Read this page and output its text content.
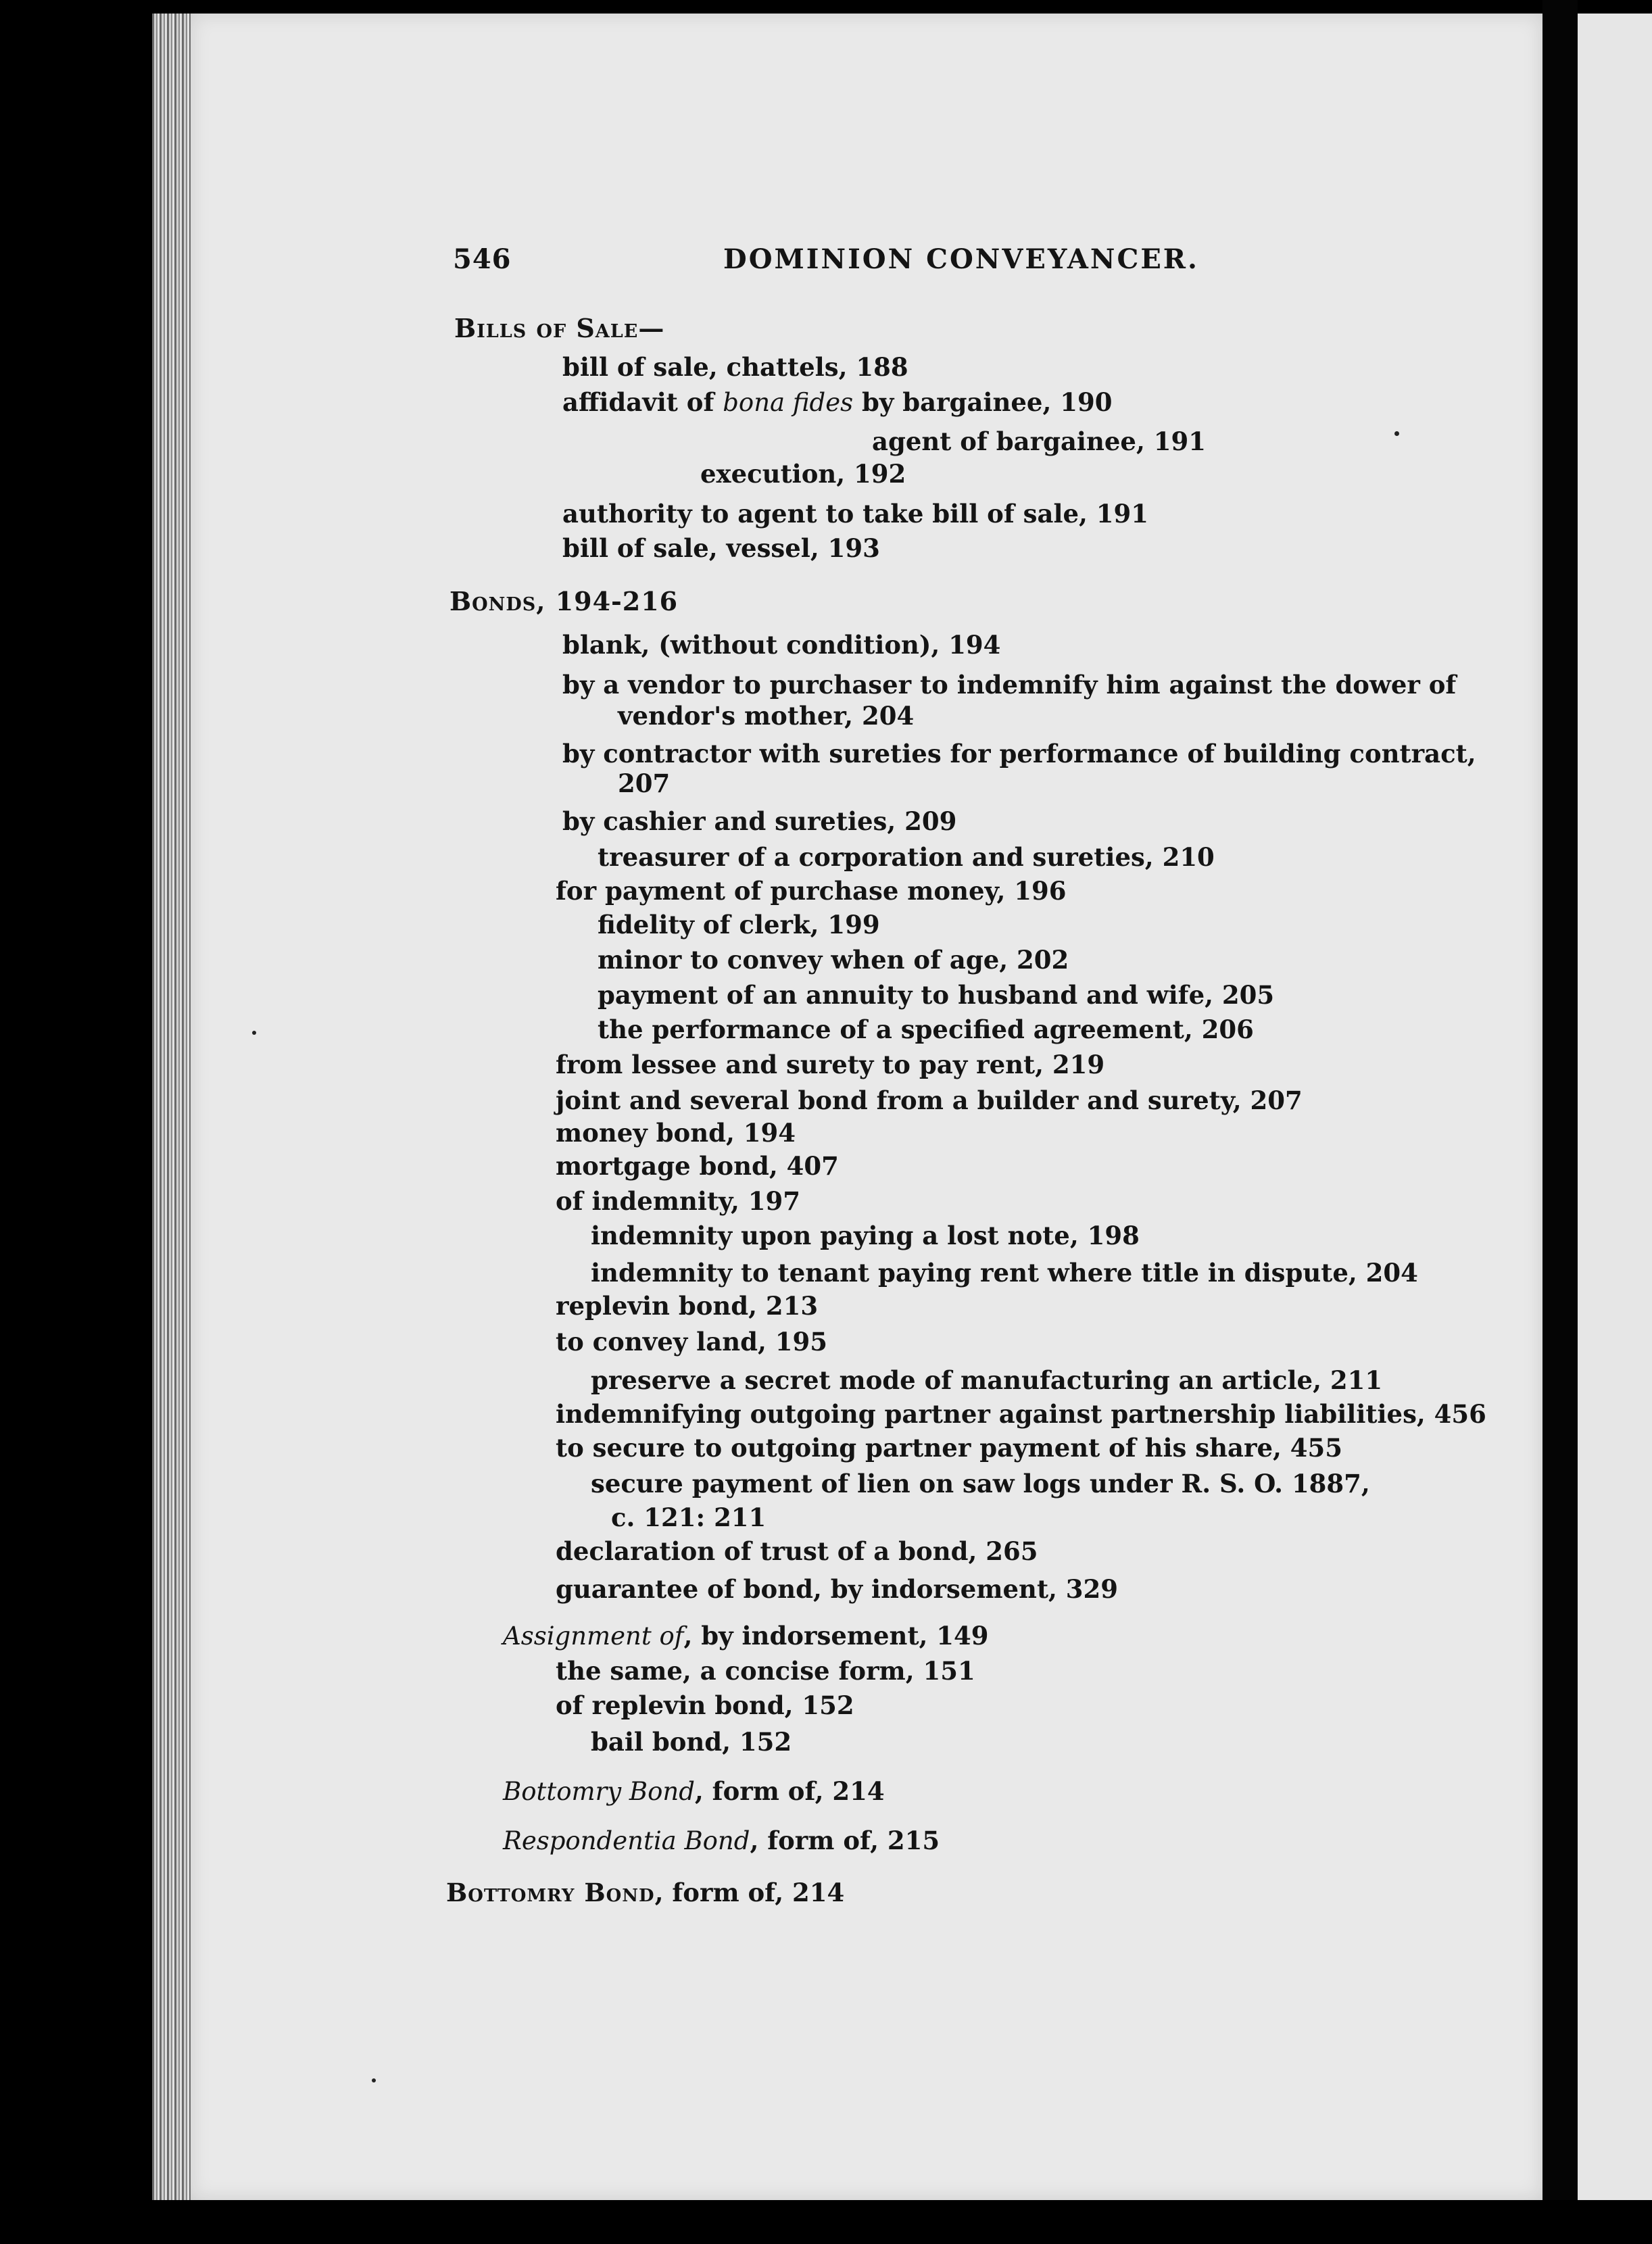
546	DOMINION CONVEYANCER.
Bills of Sale—
bill of sale, chattels, 188
affidavit of bona fides by bargainee, 190
agent of bargainee, 191
execution, 192
authority to agent to take bill of sale, 191
bill of sale, vessel, 193
Bonds, 194-216
blank, (without condition), 194
by a vendor to purchaser to indemnify him against the dower of
vendor's mother, 204
by contractor with sureties for performance of building contract,
207
by cashier and sureties, 209
treasurer of a corporation and sureties, 210
for payment of purchase money, 196
fidelity of clerk, 199
minor to convey when of age, 202
payment of an annuity to husband and wife, 205
the performance of a specified agreement, 206
from lessee and surety to pay rent, 219
joint and several bond from a builder and surety, 207
money bond, 194
mortgage bond, 407
of indemnity, 197
indemnity upon paying a lost note, 198
indemnity to tenant paying rent where title in dispute, 204
replevin bond, 213
to convey land, 195
preserve a secret mode of manufacturing an article, 211
indemnifying outgoing partner against partnership liabilities, 456
to secure to outgoing partner payment of his share, 455
secure payment of lien on saw logs under R. S. O. 1887,
c. 121: 211
declaration of trust of a bond, 265
guarantee of bond, by indorsement, 329
Assignment of, by indorsement, 149
the same, a concise form, 151
of replevin bond, 152
bail bond, 152
Bottomry Bond, form of, 214
Respondentia Bond, form of, 215
Bottomry Bond, form of, 214
